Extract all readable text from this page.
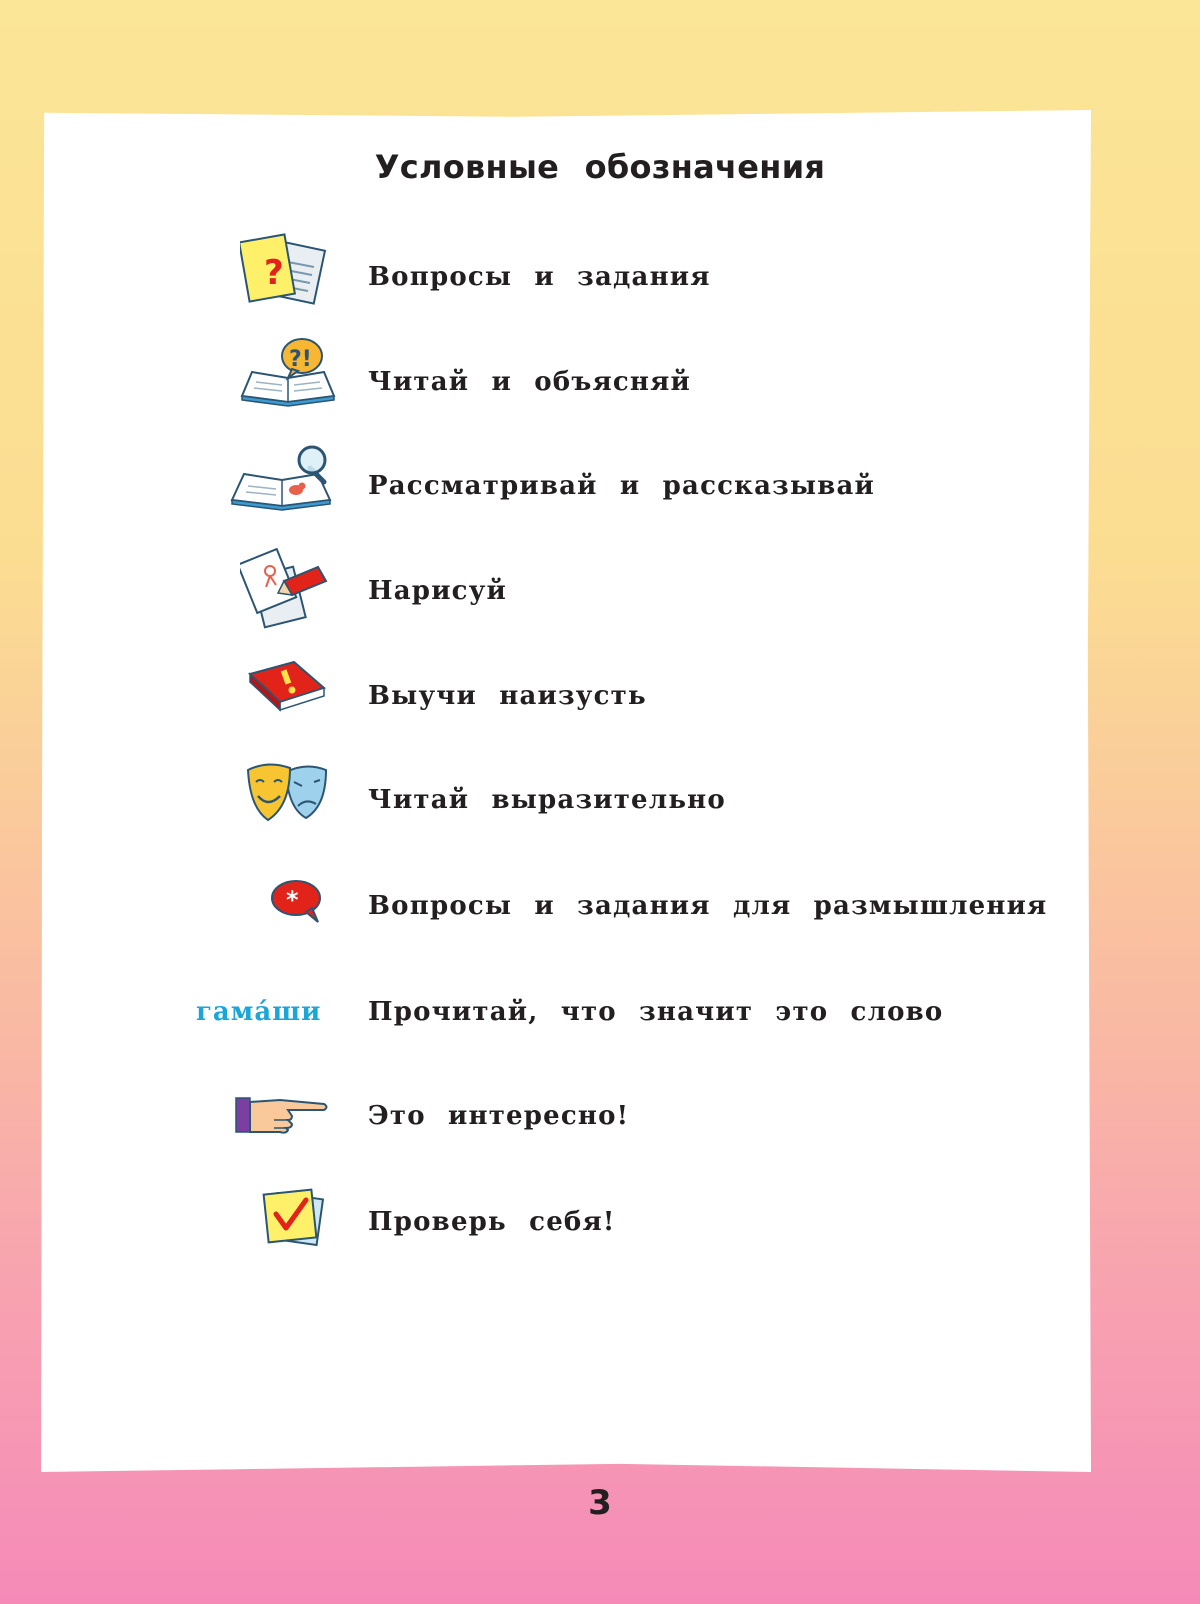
Условные обозначения
?	Вопросы и задания
?!
Читай и объясняй
Рассматривай и рассказывай
Нарисуй
Выучи наизусть
Читай выразительно
*	Вопросы и задания для размышления
гама́ши Прочитай, что значит это слово
Это интересно!
Проверь себя!
3
